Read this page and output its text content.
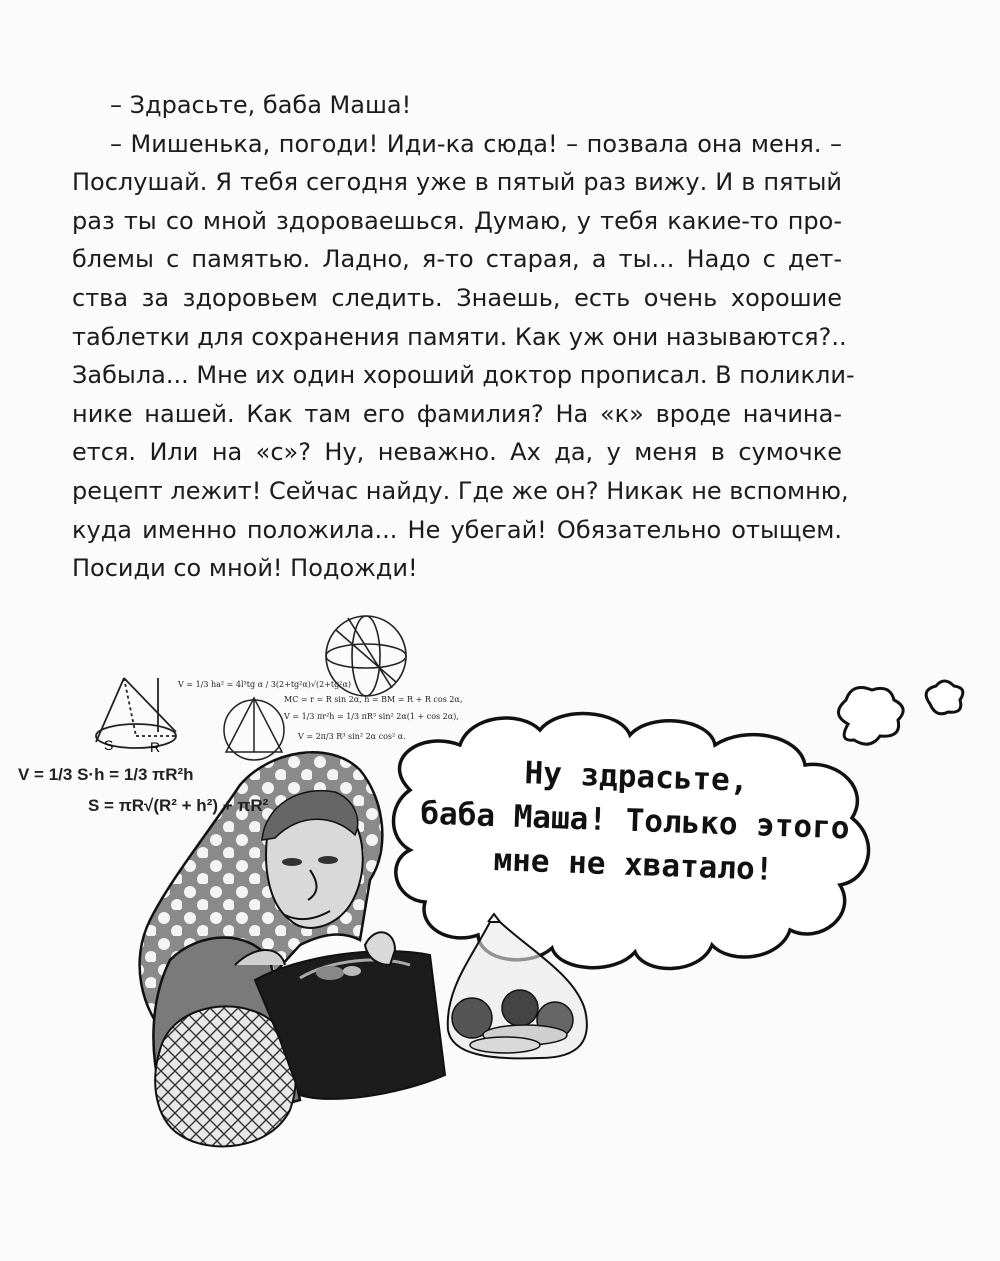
– Здрасьте, баба Маша!

– Мишенька, погоди! Иди-ка сюда! – позвала она меня. –
Послушай. Я тебя сегодня уже в пятый раз вижу. И в пятый
раз ты со мной здороваешься. Думаю, у тебя какие-то про-
блемы с памятью. Ладно, я-то старая, а ты... Надо с дет-
ства за здоровьем следить. Знаешь, есть очень хорошие
таблетки для сохранения памяти. Как уж они называются?..
Забыла... Мне их один хороший доктор прописал. В поликли-
нике нашей. Как там его фамилия? На «к» вроде начина-
ется. Или на «с»? Ну, неважно. Ах да, у меня в сумочке
рецепт лежит! Сейчас найду. Где же он? Никак не вспомню,
куда именно положила... Не убегай! Обязательно отыщем.
Посиди со мной! Подожди!

S	R
V = 1/3 S·h = 1/3 πR²h
S = πR√(R² + h²) + πR²
V = 1/3 ha² = 4l³tg α / 3(2+tg²α)√(2+tg²α)
MC = r = R sin 2α, h = BM = R + R cos 2α,
V = 1/3 πr²h = 1/3 πR³ sin² 2α(1 + cos 2α),
V = 2π/3 R³ sin² 2α cos² α.
Ну здрасьте,
баба Маша! Только этого
мне не хватало!
